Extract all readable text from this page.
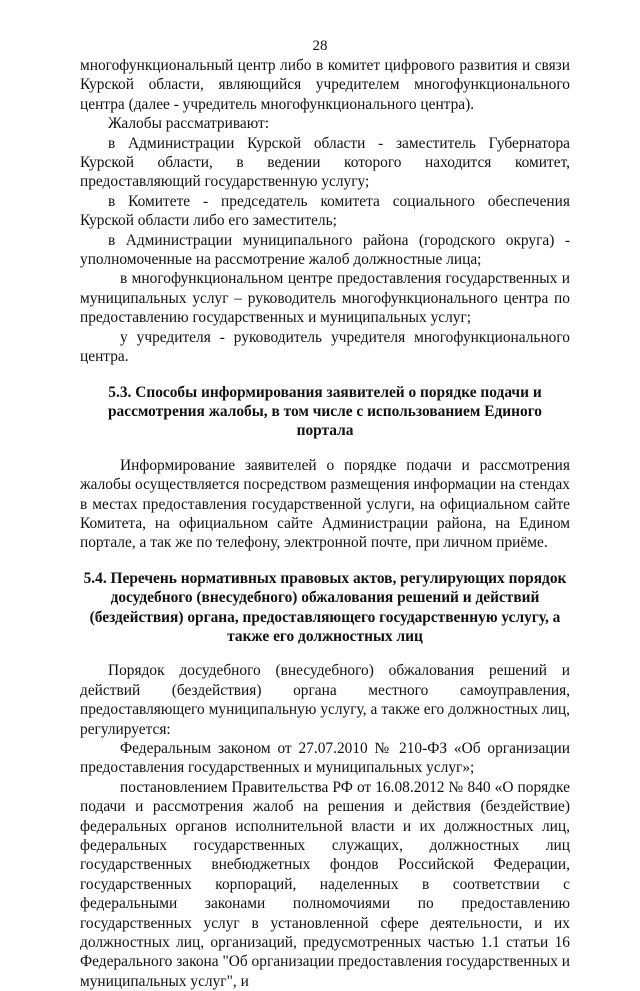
28
многофункциональный центр либо в комитет цифрового развития и связи Курской области, являющийся учредителем многофункционального центра (далее - учредитель многофункционального центра).
Жалобы рассматривают:
в Администрации Курской области - заместитель Губернатора Курской области, в ведении которого находится комитет, предоставляющий государственную услугу;
в Комитете - председатель комитета социального обеспечения Курской области либо его заместитель;
в Администрации муниципального района (городского округа) - уполномоченные на рассмотрение жалоб должностные лица;
в многофункциональном центре предоставления государственных и муниципальных услуг – руководитель многофункционального центра по предоставлению государственных и муниципальных услуг;
у учредителя - руководитель учредителя многофункционального центра.
5.3. Способы информирования заявителей о порядке подачи и рассмотрения жалобы, в том числе с использованием Единого портала
Информирование заявителей о порядке подачи и рассмотрения жалобы осуществляется посредством размещения информации на стендах в местах предоставления государственной услуги, на официальном сайте Комитета, на официальном сайте Администрации района, на Едином портале, а так же по телефону, электронной почте, при личном приёме.
5.4. Перечень нормативных правовых актов, регулирующих порядок досудебного (внесудебного) обжалования решений и действий (бездействия) органа, предоставляющего государственную услугу, а также его должностных лиц
Порядок досудебного (внесудебного) обжалования решений и действий (бездействия) органа местного самоуправления, предоставляющего муниципальную услугу, а также его должностных лиц, регулируется:
Федеральным законом от 27.07.2010 № 210-ФЗ «Об организации предоставления государственных и муниципальных услуг»;
постановлением Правительства РФ от 16.08.2012 № 840 «О порядке подачи и рассмотрения жалоб на решения и действия (бездействие) федеральных органов исполнительной власти и их должностных лиц, федеральных государственных служащих, должностных лиц государственных внебюджетных фондов Российской Федерации, государственных корпораций, наделенных в соответствии с федеральными законами полномочиями по предоставлению государственных услуг в установленной сфере деятельности, и их должностных лиц, организаций, предусмотренных частью 1.1 статьи 16 Федерального закона "Об организации предоставления государственных и муниципальных услуг", и
